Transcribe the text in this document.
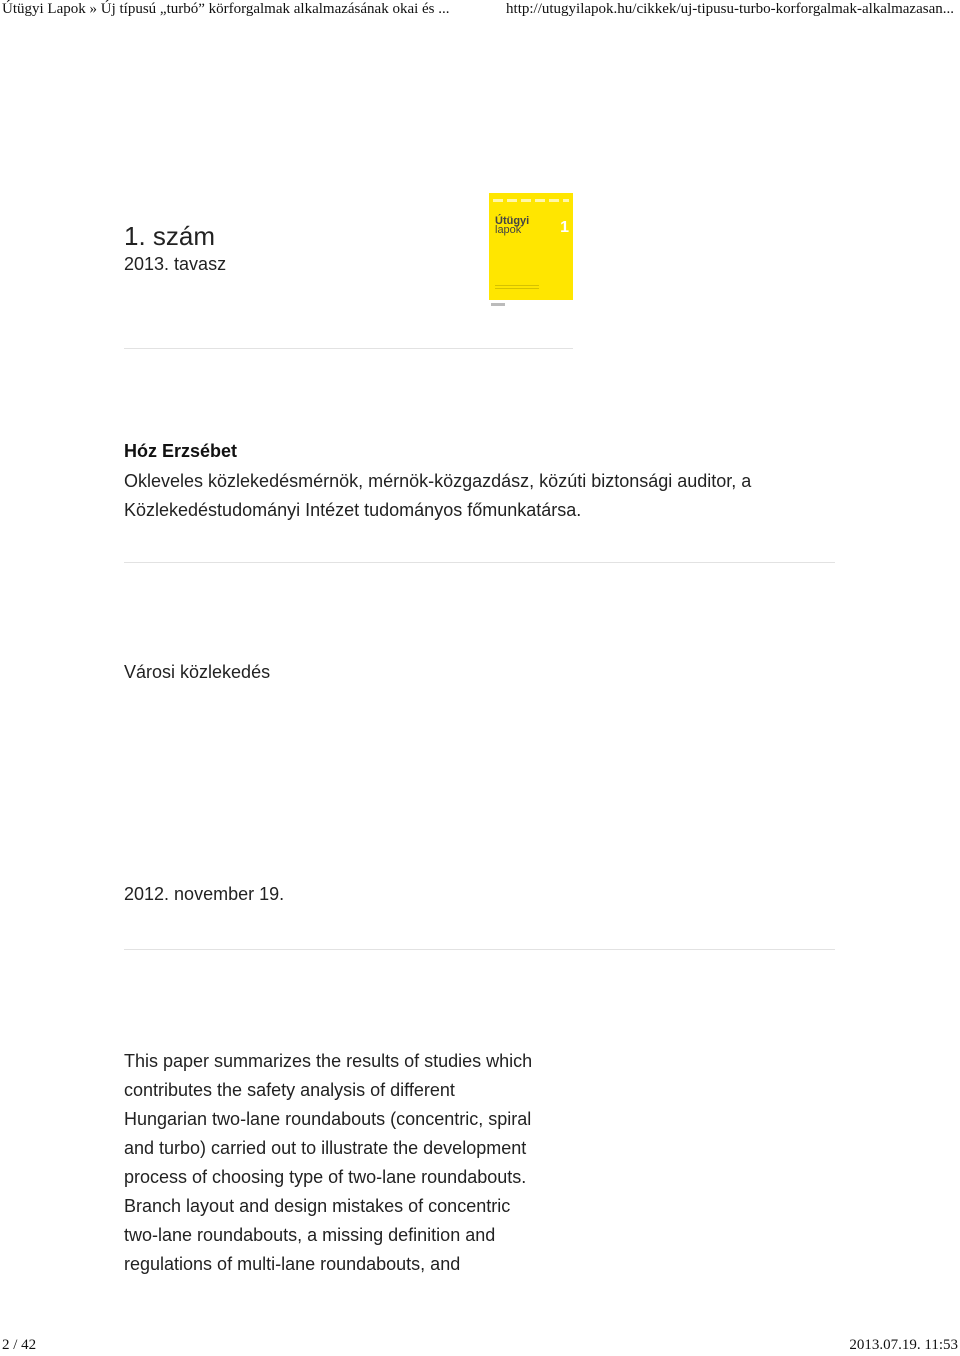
Útügyi Lapok » Új típusú „turbó” körforgalmak alkalmazásának okai és ...	http://utugyilapok.hu/cikkek/uj-tipusu-turbo-korforgalmak-alkalmazasan...
1. szám
2013. tavasz
Útügyi
lapok	1
Hóz Erzsébet
Okleveles közlekedésmérnök, mérnök-közgazdász, közúti biztonsági auditor, a Közlekedéstudományi Intézet tudományos főmunkatársa.
Városi közlekedés
2012. november 19.
This paper summarizes the results of studies which
contributes the safety analysis of different
Hungarian two-lane roundabouts (concentric, spiral
and turbo) carried out to illustrate the development
process of choosing type of two-lane roundabouts.
Branch layout and design mistakes of concentric
two-lane roundabouts, a missing definition and
regulations of multi-lane roundabouts, and
2 / 42	2013.07.19. 11:53
